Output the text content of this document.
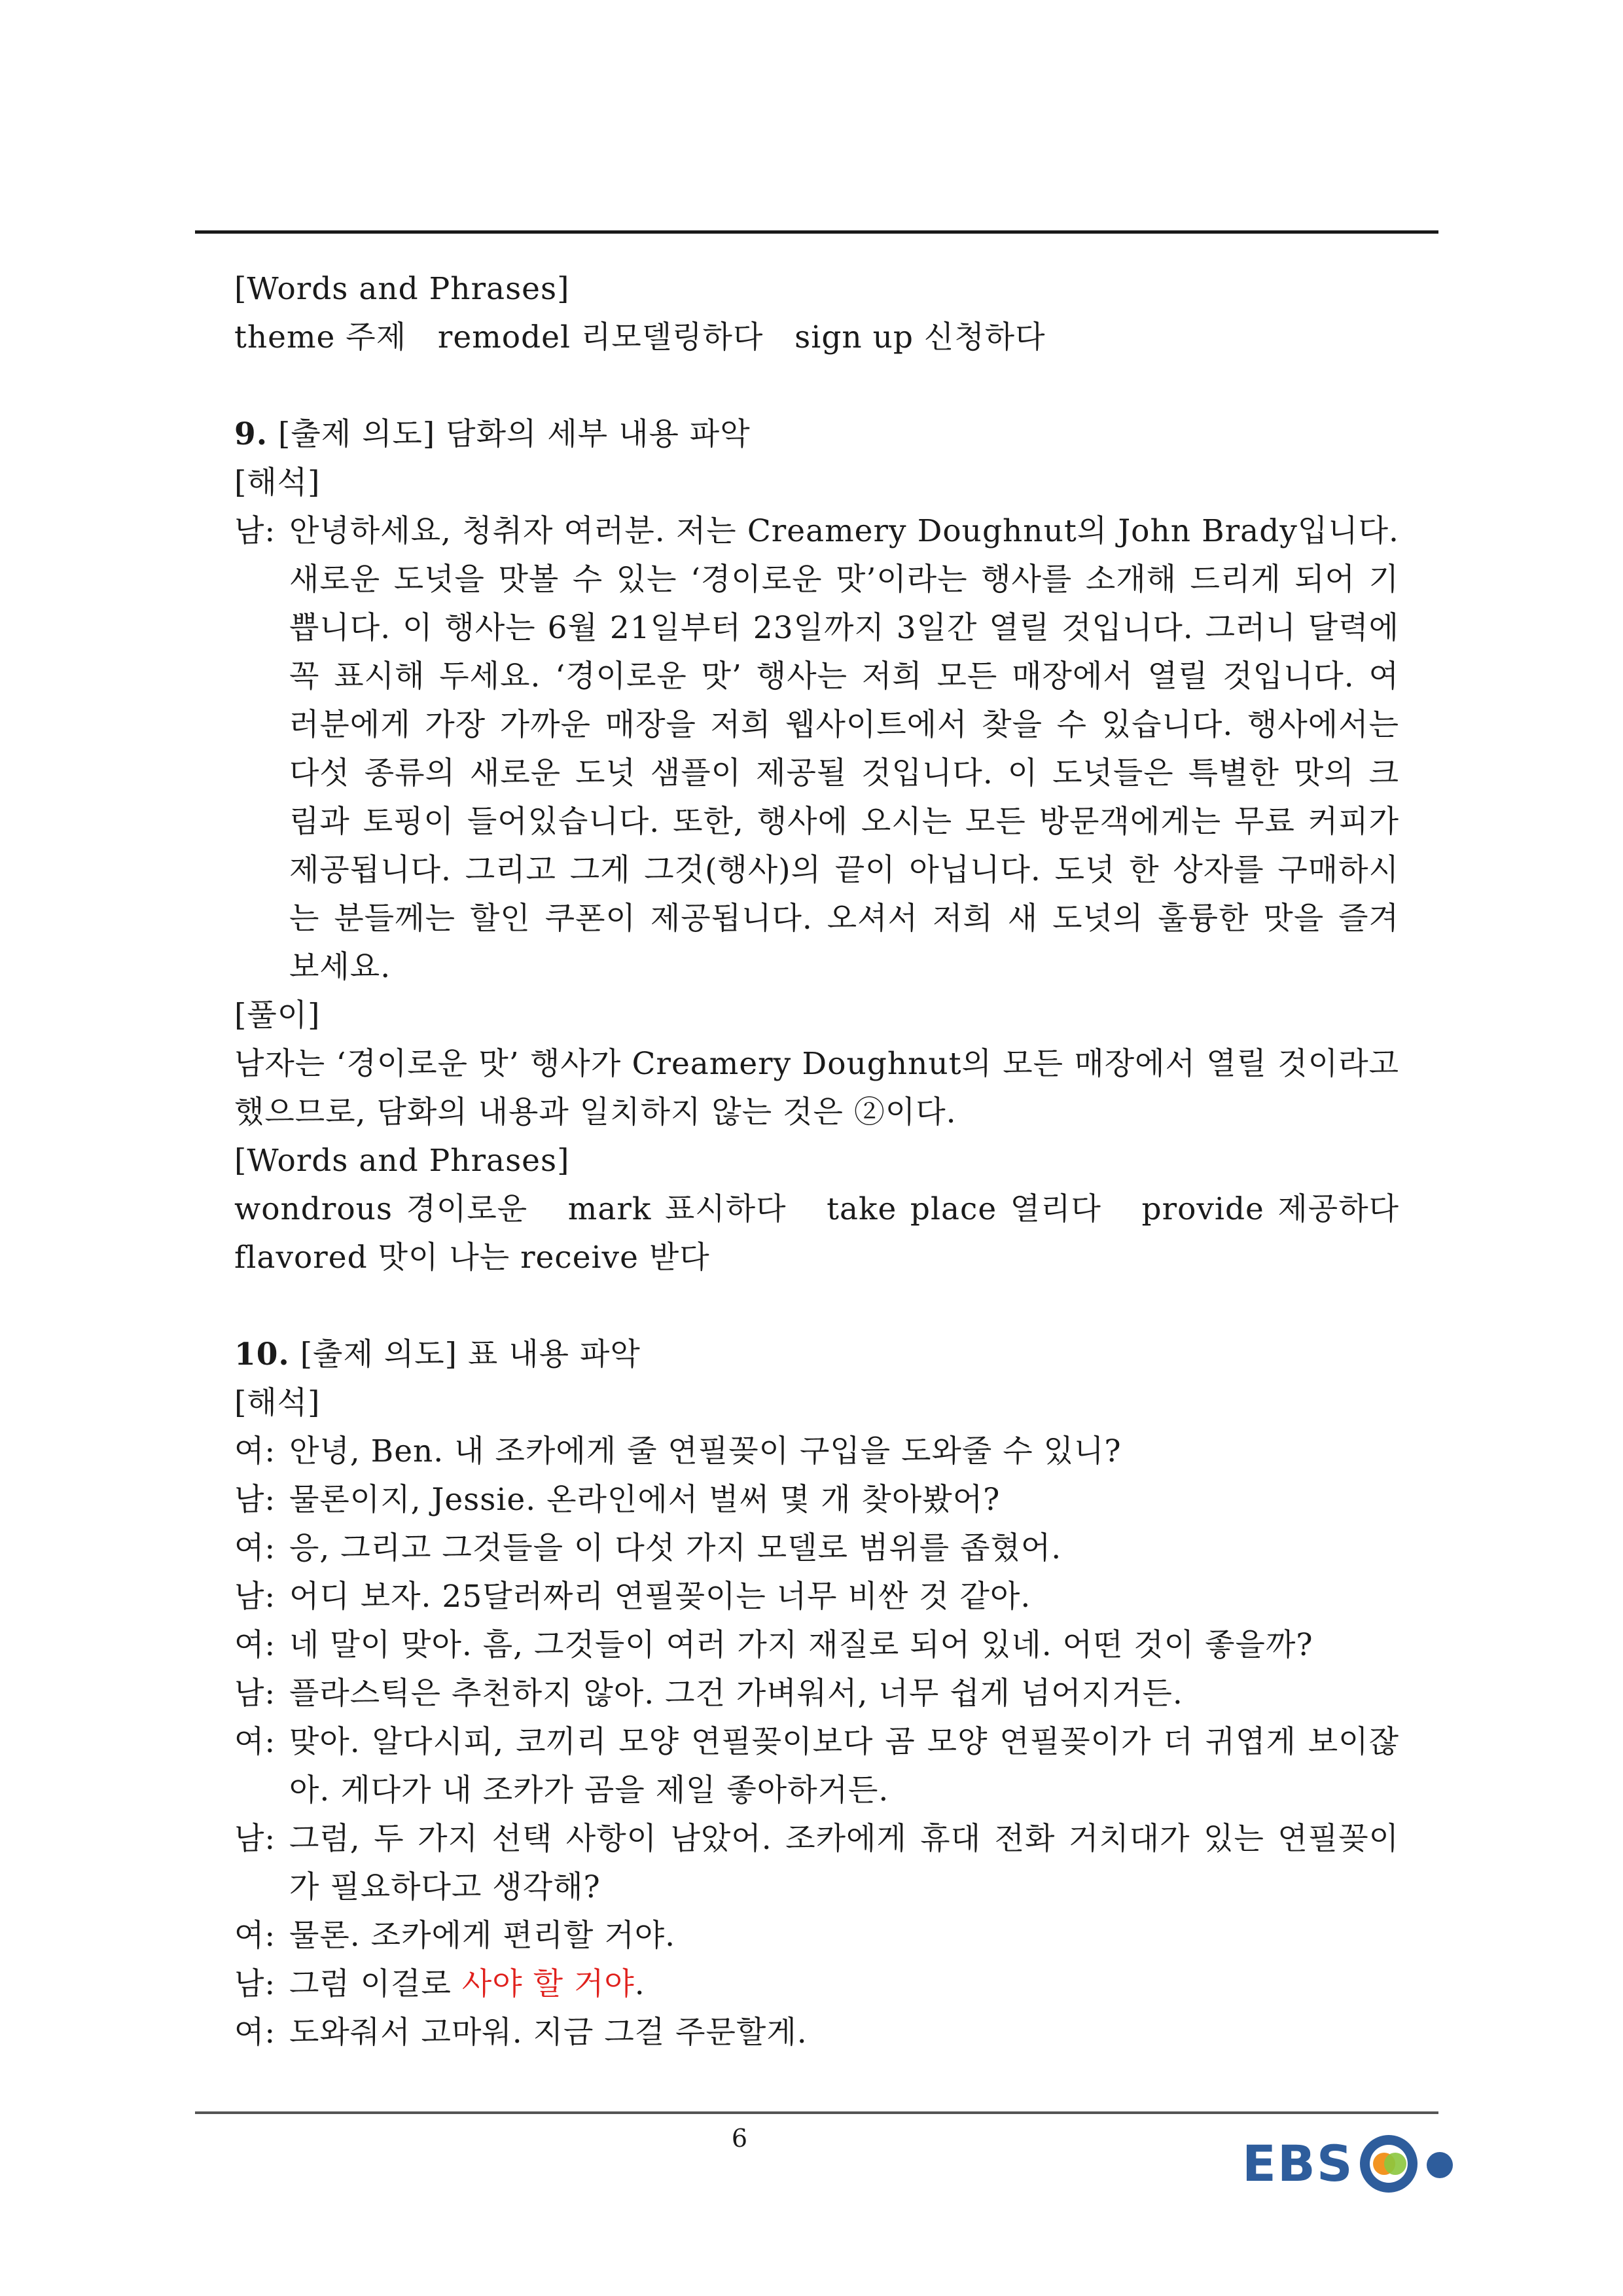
[Words and Phrases]
theme 주제   remodel 리모델링하다   sign up 신청하다
9. [출제 의도] 담화의 세부 내용 파악
[해석]
남: 안녕하세요, 청취자 여러분. 저는 Creamery Doughnut의 John Brady입니다.
새로운 도넛을 맛볼 수 있는 ‘경이로운 맛’이라는 행사를 소개해 드리게 되어 기
쁩니다. 이 행사는 6월 21일부터 23일까지 3일간 열릴 것입니다. 그러니 달력에
꼭 표시해 두세요. ‘경이로운 맛’ 행사는 저희 모든 매장에서 열릴 것입니다. 여
러분에게 가장 가까운 매장을 저희 웹사이트에서 찾을 수 있습니다. 행사에서는
다섯 종류의 새로운 도넛 샘플이 제공될 것입니다. 이 도넛들은 특별한 맛의 크
림과 토핑이 들어있습니다. 또한, 행사에 오시는 모든 방문객에게는 무료 커피가
제공됩니다. 그리고 그게 그것(행사)의 끝이 아닙니다. 도넛 한 상자를 구매하시
는 분들께는 할인 쿠폰이 제공됩니다. 오셔서 저희 새 도넛의 훌륭한 맛을 즐겨
보세요.
[풀이]
남자는 ‘경이로운 맛’ 행사가 Creamery Doughnut의 모든 매장에서 열릴 것이라고
했으므로, 담화의 내용과 일치하지 않는 것은 ②이다.
[Words and Phrases]
wondrous 경이로운   mark 표시하다   take place 열리다   provide 제공하다
flavored 맛이 나는 receive 받다
10. [출제 의도] 표 내용 파악
[해석]
여: 안녕, Ben. 내 조카에게 줄 연필꽂이 구입을 도와줄 수 있니?
남: 물론이지, Jessie. 온라인에서 벌써 몇 개 찾아봤어?
여: 응, 그리고 그것들을 이 다섯 가지 모델로 범위를 좁혔어.
남: 어디 보자. 25달러짜리 연필꽂이는 너무 비싼 것 같아.
여: 네 말이 맞아. 흠, 그것들이 여러 가지 재질로 되어 있네. 어떤 것이 좋을까?
남: 플라스틱은 추천하지 않아. 그건 가벼워서, 너무 쉽게 넘어지거든.
여: 맞아. 알다시피, 코끼리 모양 연필꽂이보다 곰 모양 연필꽂이가 더 귀엽게 보이잖
아. 게다가 내 조카가 곰을 제일 좋아하거든.
남: 그럼, 두 가지 선택 사항이 남았어. 조카에게 휴대 전화 거치대가 있는 연필꽂이
가 필요하다고 생각해?
여: 물론. 조카에게 편리할 거야.
남: 그럼 이걸로 사야 할 거야.
여: 도와줘서 고마워. 지금 그걸 주문할게.
6	EBS
